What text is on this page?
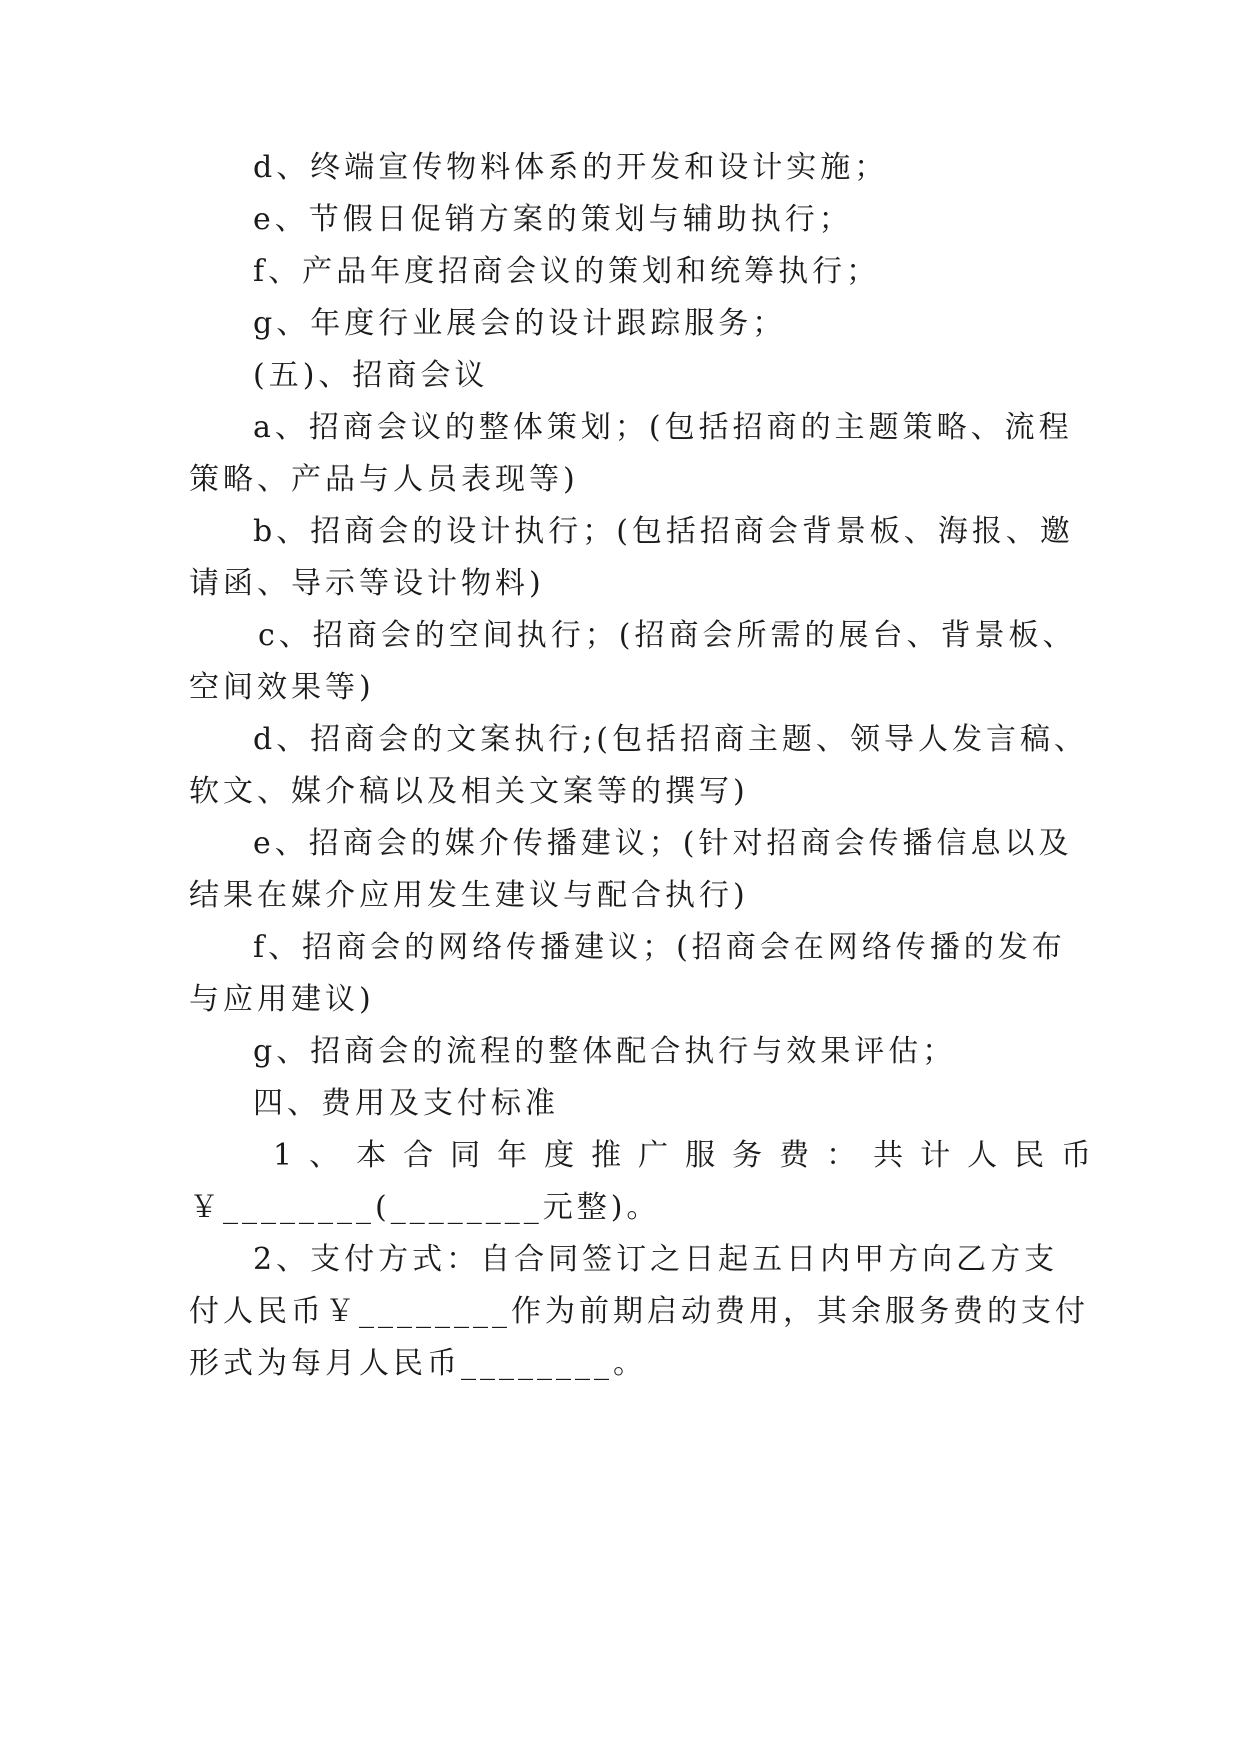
d、终端宣传物料体系的开发和设计实施；
e、节假日促销方案的策划与辅助执行；
f、产品年度招商会议的策划和统筹执行；
g、年度行业展会的设计跟踪服务；
(五)、招商会议
a、招商会议的整体策划；(包括招商的主题策略、流程
策略、产品与人员表现等)
b、招商会的设计执行；(包括招商会背景板、海报、邀
请函、导示等设计物料)
c、招商会的空间执行；(招商会所需的展台、背景板、
空间效果等)
d、招商会的文案执行;(包括招商主题、领导人发言稿、
软文、媒介稿以及相关文案等的撰写)
e、招商会的媒介传播建议；(针对招商会传播信息以及
结果在媒介应用发生建议与配合执行)
f、招商会的网络传播建议；(招商会在网络传播的发布
与应用建议)
g、招商会的流程的整体配合执行与效果评估；
四、费用及支付标准
1、本合同年度推广服务费：共计人民币
￥________(________元整)。
2、支付方式：自合同签订之日起五日内甲方向乙方支
付人民币￥________作为前期启动费用，其余服务费的支付
形式为每月人民币________。
